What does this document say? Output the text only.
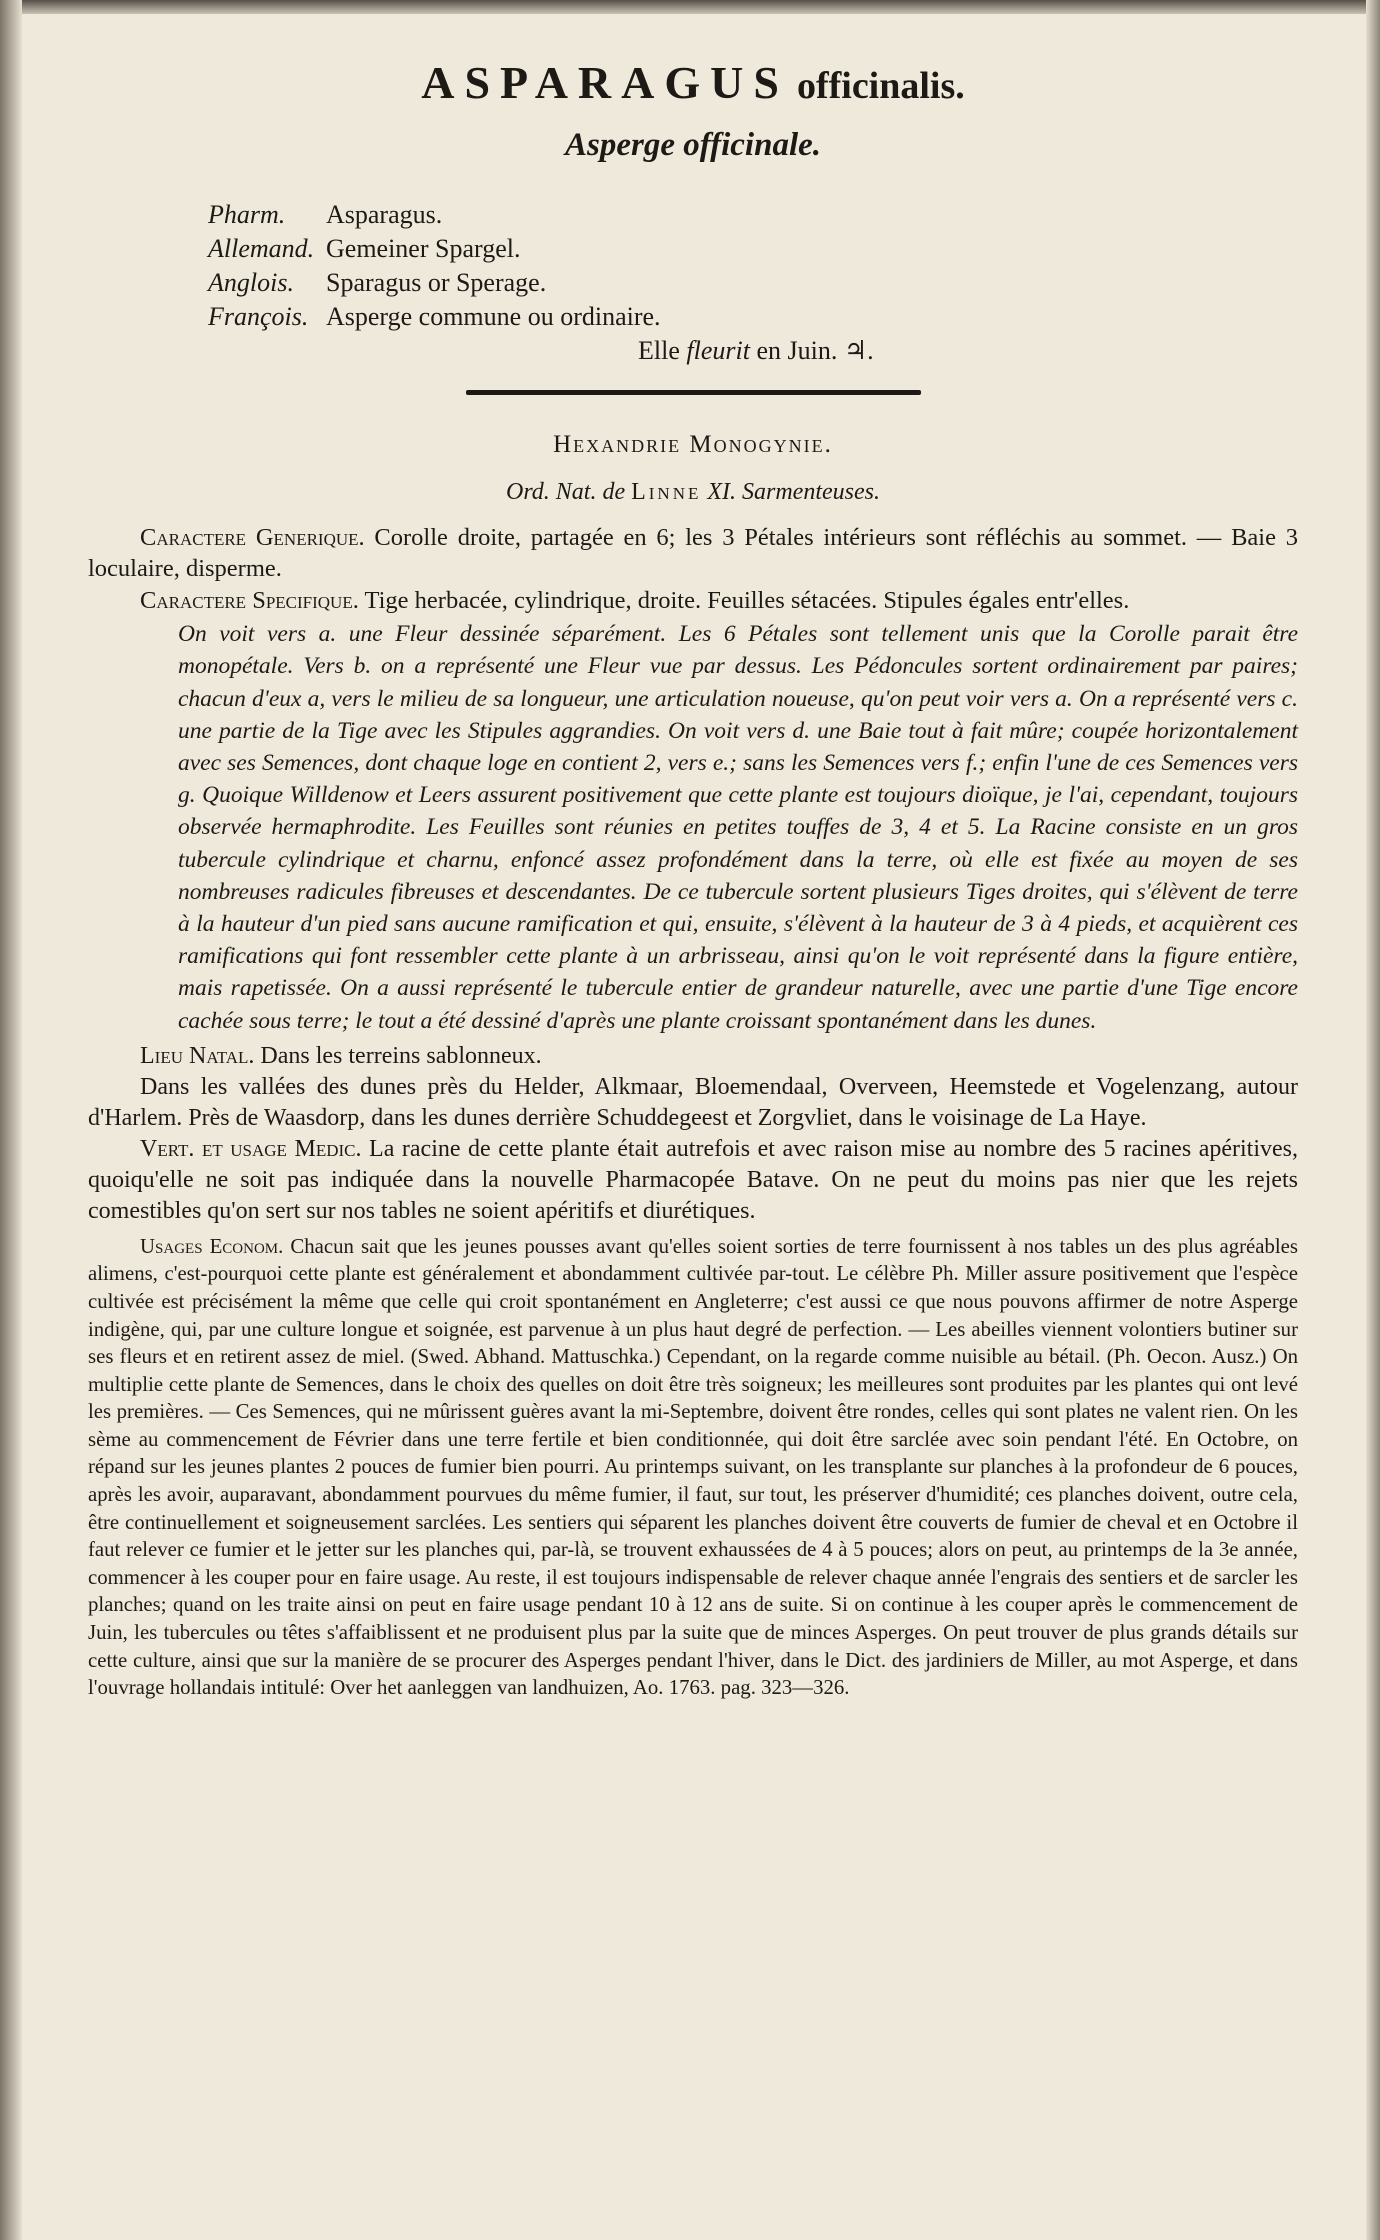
ASPARAGUS officinalis.
Asperge officinale.
Pharm. Asparagus.
Allemand. Gemeiner Spargel.
Anglois. Sparagus or Sperage.
François. Asperge commune ou ordinaire.
Elle fleurit en Juin. ♃.
Hexandrie Monogynie.
Ord. Nat. de Linne XI. Sarmenteuses.

Caractere Generique. Corolle droite, partagée en 6; les 3 Pétales intérieurs sont réfléchis au sommet. — Baie 3 loculaire, disperme.

Caractere Specifique. Tige herbacée, cylindrique, droite. Feuilles sétacées. Stipules égales entr'elles.

On voit vers a. une Fleur dessinée séparément. Les 6 Pétales sont tellement unis que la Corolle parait être monopétale. Vers b. on a représenté une Fleur vue par dessus. Les Pédoncules sortent ordinairement par paires; chacun d'eux a, vers le milieu de sa longueur, une articulation noueuse, qu'on peut voir vers a. On a représenté vers c. une partie de la Tige avec les Stipules aggrandies. On voit vers d. une Baie tout à fait mûre; coupée horizontalement avec ses Semences, dont chaque loge en contient 2, vers e.; sans les Semences vers f.; enfin l'une de ces Semences vers g. Quoique Willdenow et Leers assurent positivement que cette plante est toujours dioïque, je l'ai, cependant, toujours observée hermaphrodite. Les Feuilles sont réunies en petites touffes de 3, 4 et 5. La Racine consiste en un gros tubercule cylindrique et charnu, enfoncé assez profondément dans la terre, où elle est fixée au moyen de ses nombreuses radicules fibreuses et descendantes. De ce tubercule sortent plusieurs Tiges droites, qui s'élèvent de terre à la hauteur d'un pied sans aucune ramification et qui, ensuite, s'élèvent à la hauteur de 3 à 4 pieds, et acquièrent ces ramifications qui font ressembler cette plante à un arbrisseau, ainsi qu'on le voit représenté dans la figure entière, mais rapetissée. On a aussi représenté le tubercule entier de grandeur naturelle, avec une partie d'une Tige encore cachée sous terre; le tout a été dessiné d'après une plante croissant spontanément dans les dunes.

Lieu Natal. Dans les terreins sablonneux.

Dans les vallées des dunes près du Helder, Alkmaar, Bloemendaal, Overveen, Heemstede et Vogelenzang, autour d'Harlem. Près de Waasdorp, dans les dunes derrière Schuddegeest et Zorgvliet, dans le voisinage de La Haye.

Vert. et usage Medic. La racine de cette plante était autrefois et avec raison mise au nombre des 5 racines apéritives, quoiqu'elle ne soit pas indiquée dans la nouvelle Pharmacopée Batave. On ne peut du moins pas nier que les rejets comestibles qu'on sert sur nos tables ne soient apéritifs et diurétiques.

Usages Econom. Chacun sait que les jeunes pousses avant qu'elles soient sorties de terre fournissent à nos tables un des plus agréables alimens, c'est-pourquoi cette plante est généralement et abondamment cultivée par-tout. Le célèbre Ph. Miller assure positivement que l'espèce cultivée est précisément la même que celle qui croit spontanément en Angleterre; c'est aussi ce que nous pouvons affirmer de notre Asperge indigène, qui, par une culture longue et soignée, est parvenue à un plus haut degré de perfection. — Les abeilles viennent volontiers butiner sur ses fleurs et en retirent assez de miel. (Swed. Abhand. Mattuschka.) Cependant, on la regarde comme nuisible au bétail. (Ph. Oecon. Ausz.) On multiplie cette plante de Semences, dans le choix des quelles on doit être très soigneux; les meilleures sont produites par les plantes qui ont levé les premières. — Ces Semences, qui ne mûrissent guères avant la mi-Septembre, doivent être rondes, celles qui sont plates ne valent rien. On les sème au commencement de Février dans une terre fertile et bien conditionnée, qui doit être sarclée avec soin pendant l'été. En Octobre, on répand sur les jeunes plantes 2 pouces de fumier bien pourri. Au printemps suivant, on les transplante sur planches à la profondeur de 6 pouces, après les avoir, auparavant, abondamment pourvues du même fumier, il faut, sur tout, les préserver d'humidité; ces planches doivent, outre cela, être continuellement et soigneusement sarclées. Les sentiers qui séparent les planches doivent être couverts de fumier de cheval et en Octobre il faut relever ce fumier et le jetter sur les planches qui, par-là, se trouvent exhaussées de 4 à 5 pouces; alors on peut, au printemps de la 3e année, commencer à les couper pour en faire usage. Au reste, il est toujours indispensable de relever chaque année l'engrais des sentiers et de sarcler les planches; quand on les traite ainsi on peut en faire usage pendant 10 à 12 ans de suite. Si on continue à les couper après le commencement de Juin, les tubercules ou têtes s'affaiblissent et ne produisent plus par la suite que de minces Asperges. On peut trouver de plus grands détails sur cette culture, ainsi que sur la manière de se procurer des Asperges pendant l'hiver, dans le Dict. des jardiniers de Miller, au mot Asperge, et dans l'ouvrage hollandais intitulé: Over het aanleggen van landhuizen, Ao. 1763. pag. 323—326.
